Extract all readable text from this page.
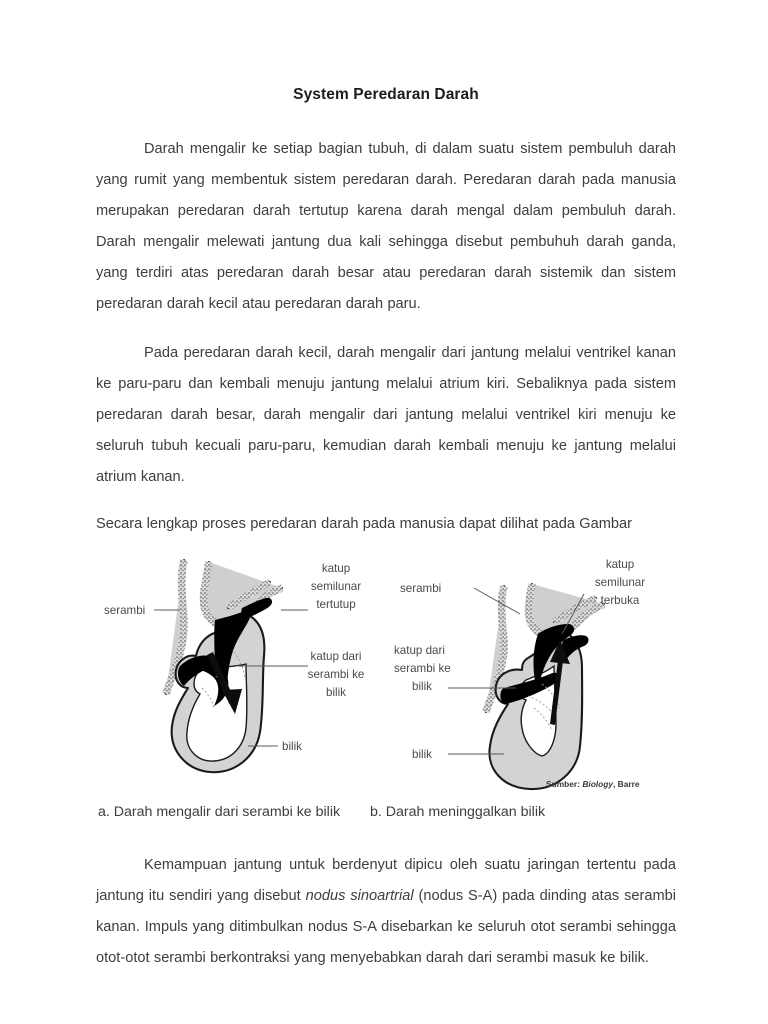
System Peredaran Darah

Darah mengalir ke setiap bagian tubuh, di dalam suatu sistem pembuluh darah yang rumit yang membentuk sistem peredaran darah. Peredaran darah pada manusia merupakan peredaran darah tertutup karena darah mengal dalam pembuluh darah. Darah mengalir melewati jantung dua kali sehingga disebut pembuhuh darah ganda, yang terdiri atas peredaran darah besar atau peredaran darah sistemik dan sistem peredaran darah kecil atau peredaran darah paru.

Pada peredaran darah kecil, darah mengalir dari jantung melalui ventrikel kanan ke paru-paru dan kembali menuju jantung melalui atrium kiri. Sebaliknya pada sistem peredaran darah besar, darah mengalir dari jantung melalui ventrikel kiri menuju ke seluruh tubuh kecuali paru-paru, kemudian darah kembali menuju ke jantung melalui atrium kanan.

Secara lengkap proses peredaran darah pada manusia dapat dilihat pada Gambar

serambi
katup
semilunar
tertutup
katup dari
serambi ke
bilik
bilik
serambi
katup dari
serambi ke
bilik
katup
semilunar
terbuka
bilik
Sumber: Biology, Barre
a. Darah mengalir dari serambi ke bilik b. Darah meninggalkan bilik

Kemampuan jantung untuk berdenyut dipicu oleh suatu jaringan tertentu pada jantung itu sendiri yang disebut nodus sinoartrial (nodus S-A) pada dinding atas serambi kanan. Impuls yang ditimbulkan nodus S-A disebarkan ke seluruh otot serambi sehingga otot-otot serambi berkontraksi yang menyebabkan darah dari serambi masuk ke bilik.
